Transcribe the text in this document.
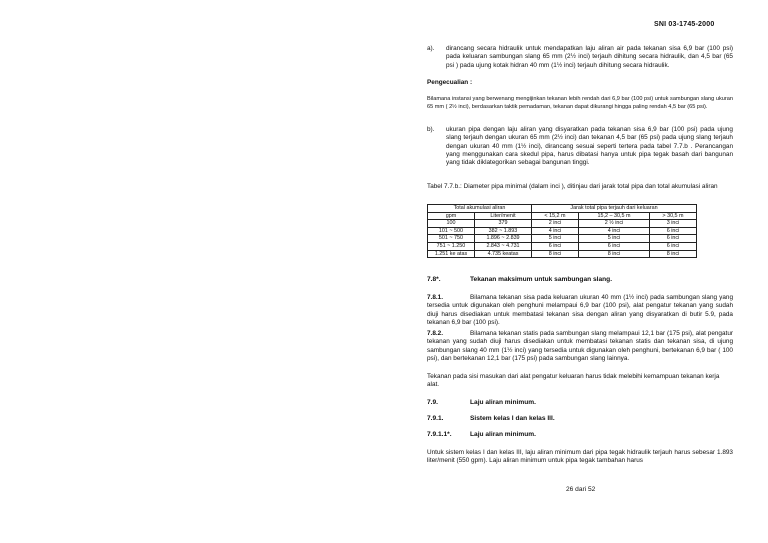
SNI 03-1745-2000
a). dirancang secara hidraulik untuk mendapatkan laju aliran air pada tekanan sisa 6,9 bar (100 psi) pada keluaran sambungan slang 65 mm (2½ inci) terjauh dihitung secara hidraulik, dan 4,5 bar (65 psi ) pada ujung kotak hidran 40 mm (1½ inci) terjauh dihitung secara hidraulik.
Pengecualian :
Bilamana instansi yang berwenang mengijinkan tekanan lebih rendah dari 6,9 bar (100 psi) untuk sambungan slang ukuran 65 mm ( 2½ inci), berdasarkan taktik pemadaman, tekanan dapat dikurangi hingga paling rendah 4,5 bar (65 psi).
b). ukuran pipa dengan laju aliran yang disyaratkan pada tekanan sisa 6,9 bar (100 psi) pada ujung slang terjauh dengan ukuran 65 mm (2½ inci) dan tekanan 4,5 bar (65 psi) pada ujung slang terjauh dengan ukuran 40 mm (1½ inci), dirancang sesuai seperti tertera pada tabel 7.7.b . Perancangan yang menggunakan cara skedul pipa, harus dibatasi hanya untuk pipa tegak basah dari bangunan yang tidak diklategorikan sebagai bangunan tinggi.
Tabel 7.7.b.: Diameter pipa minimal (dalam inci ), ditinjau dari jarak total pipa dan total akumulasi aliran
Total akumulasi aliran		Jarak total pipa terjauh dari keluaran		
gpm	Liter/menit	< 15,2 m	15,2 – 30,5 m	> 30,5 m
100	379	2 inci	2 ½ inci	3 inci
101 ~ 500	382 ~ 1.893	4 inci	4 inci	6 inci
501 ~ 750	1.896 ~ 2.839	5 inci	5 inci	6 inci
751 ~ 1.250	2.843 ~ 4.731	6 inci	6 inci	6 inci
1.251 ke atas	4.735 keatas	8 inci	8 inci	8 inci
7.8*.	Tekanan maksimum untuk sambungan slang.
7.8.1.	Bilamana tekanan sisa pada keluaran ukuran 40 mm (1½ inci) pada sambungan slang yang tersedia untuk digunakan oleh penghuni melampaui 6,9 bar (100 psi), alat pengatur tekanan yang sudah diuji harus disediakan untuk membatasi tekanan sisa dengan aliran yang disyaratkan di butir 5.9, pada tekanan 6,9 bar (100 psi).
7.8.2.	Bilamana tekanan statis pada sambungan slang melampaui 12,1 bar (175 psi), alat pengatur tekanan yang sudah diuji harus disediakan untuk membatasi tekanan statis dan tekanan sisa, di ujung sambungan slang 40 mm (1½ inci) yang tersedia untuk digunakan oleh penghuni, bertekanan 6,9 bar ( 100 psi), dan bertekanan 12,1 bar (175 psi) pada sambungan slang lainnya.
Tekanan pada sisi masukan dari alat pengatur keluaran harus tidak melebihi kemampuan tekanan kerja alat.
7.9.	Laju aliran minimum.
7.9.1.	Sistem kelas I dan kelas III.
7.9.1.1*.	Laju aliran minimum.
Untuk sistem kelas I dan kelas III, laju aliran minimum dari pipa tegak hidraulik terjauh harus sebesar 1.893 liter/menit (550 gpm). Laju aliran minimum untuk pipa tegak tambahan harus
26 dari 52
